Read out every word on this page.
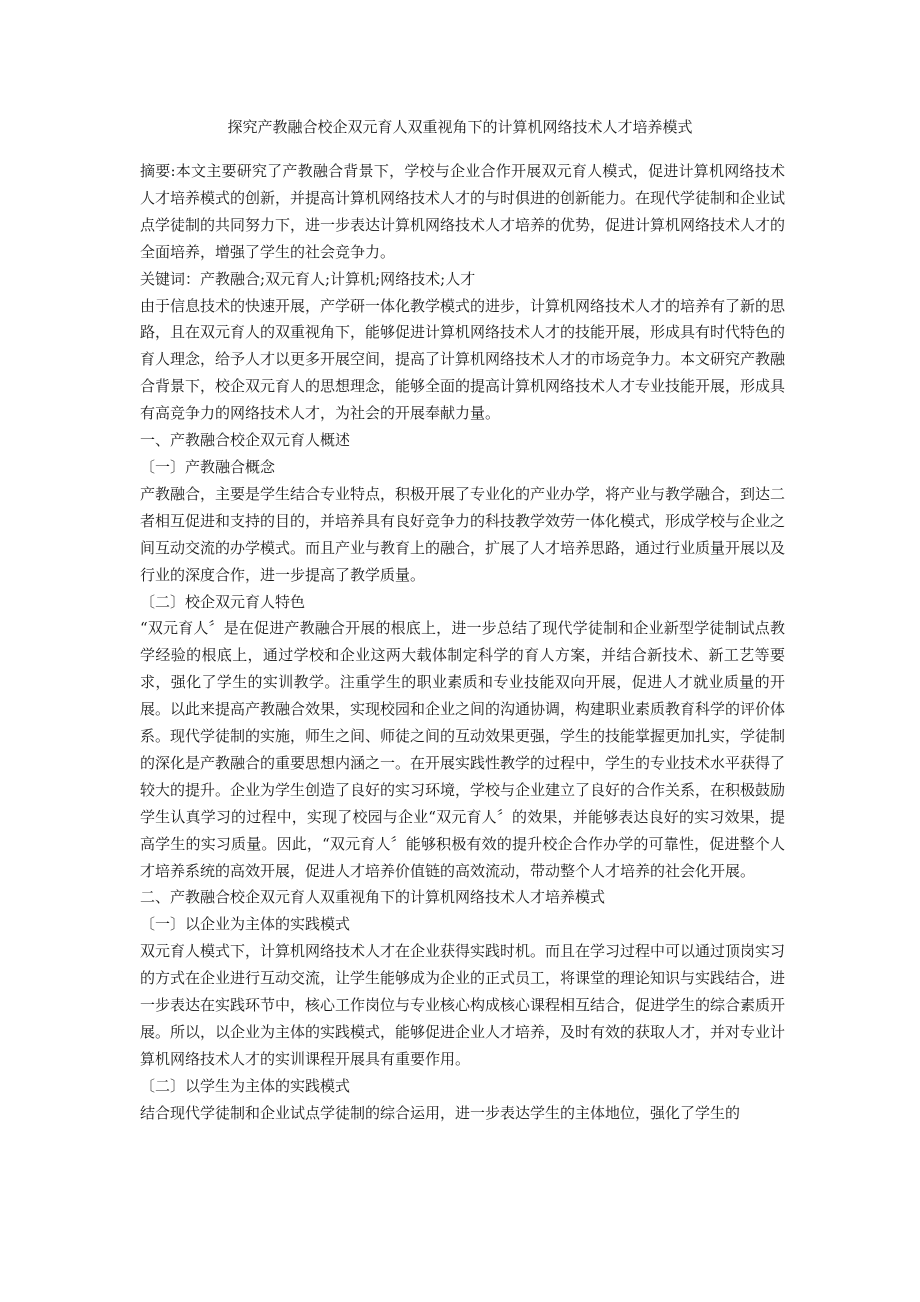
探究产教融合校企双元育人双重视角下的计算机网络技术人才培养模式

摘要:本文主要研究了产教融合背景下，学校与企业合作开展双元育人模式，促进计算机网络技术人才培养模式的创新，并提高计算机网络技术人才的与时俱进的创新能力。在现代学徒制和企业试点学徒制的共同努力下，进一步表达计算机网络技术人才培养的优势，促进计算机网络技术人才的全面培养，增强了学生的社会竞争力。

关键词：产教融合;双元育人;计算机;网络技术;人才

由于信息技术的快速开展，产学研一体化教学模式的进步，计算机网络技术人才的培养有了新的思路，且在双元育人的双重视角下，能够促进计算机网络技术人才的技能开展，形成具有时代特色的育人理念，给予人才以更多开展空间，提高了计算机网络技术人才的市场竞争力。本文研究产教融合背景下，校企双元育人的思想理念，能够全面的提高计算机网络技术人才专业技能开展，形成具有高竞争力的网络技术人才，为社会的开展奉献力量。

一、产教融合校企双元育人概述

〔一〕产教融合概念

产教融合，主要是学生结合专业特点，积极开展了专业化的产业办学，将产业与教学融合，到达二者相互促进和支持的目的，并培养具有良好竞争力的科技教学效劳一体化模式，形成学校与企业之间互动交流的办学模式。而且产业与教育上的融合，扩展了人才培养思路，通过行业质量开展以及行业的深度合作，进一步提高了教学质量。

〔二〕校企双元育人特色

“双元育人〞是在促进产教融合开展的根底上，进一步总结了现代学徒制和企业新型学徒制试点教学经验的根底上，通过学校和企业这两大载体制定科学的育人方案，并结合新技术、新工艺等要求，强化了学生的实训教学。注重学生的职业素质和专业技能双向开展，促进人才就业质量的开展。以此来提高产教融合效果，实现校园和企业之间的沟通协调，构建职业素质教育科学的评价体系。现代学徒制的实施，师生之间、师徒之间的互动效果更强，学生的技能掌握更加扎实，学徒制的深化是产教融合的重要思想内涵之一。在开展实践性教学的过程中，学生的专业技术水平获得了较大的提升。企业为学生创造了良好的实习环境，学校与企业建立了良好的合作关系，在积极鼓励学生认真学习的过程中，实现了校园与企业“双元育人〞的效果，并能够表达良好的实习效果，提高学生的实习质量。因此，“双元育人〞能够积极有效的提升校企合作办学的可靠性，促进整个人才培养系统的高效开展，促进人才培养价值链的高效流动，带动整个人才培养的社会化开展。

二、产教融合校企双元育人双重视角下的计算机网络技术人才培养模式

〔一〕以企业为主体的实践模式

双元育人模式下，计算机网络技术人才在企业获得实践时机。而且在学习过程中可以通过顶岗实习的方式在企业进行互动交流，让学生能够成为企业的正式员工，将课堂的理论知识与实践结合，进一步表达在实践环节中，核心工作岗位与专业核心构成核心课程相互结合，促进学生的综合素质开展。所以，以企业为主体的实践模式，能够促进企业人才培养，及时有效的获取人才，并对专业计算机网络技术人才的实训课程开展具有重要作用。

〔二〕以学生为主体的实践模式

结合现代学徒制和企业试点学徒制的综合运用，进一步表达学生的主体地位，强化了学生的
